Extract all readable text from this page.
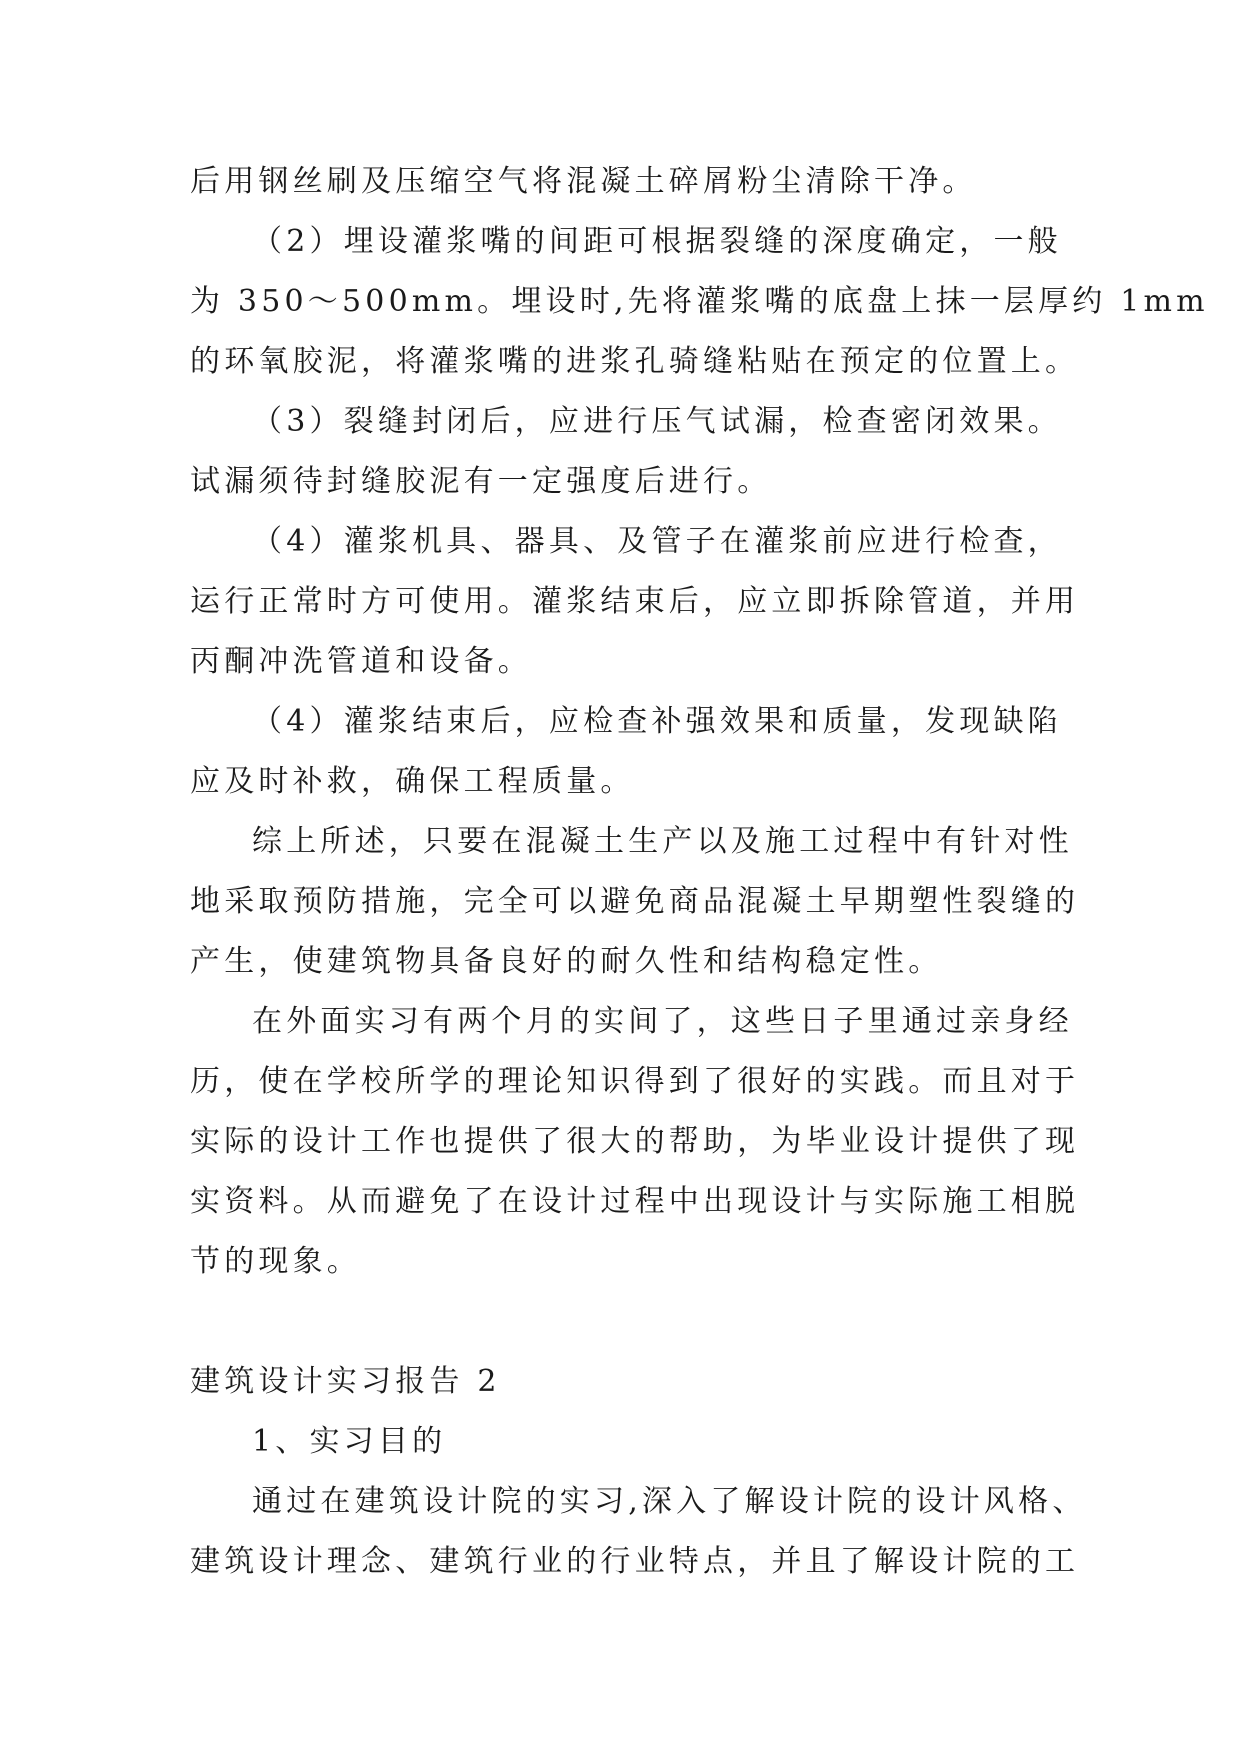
后用钢丝刷及压缩空气将混凝土碎屑粉尘清除干净。

（2）埋设灌浆嘴的间距可根据裂缝的深度确定，一般

为 350～500mm。埋设时,先将灌浆嘴的底盘上抹一层厚约 1mm

的环氧胶泥，将灌浆嘴的进浆孔骑缝粘贴在预定的位置上。

（3）裂缝封闭后，应进行压气试漏，检查密闭效果。

试漏须待封缝胶泥有一定强度后进行。

（4）灌浆机具、器具、及管子在灌浆前应进行检查，

运行正常时方可使用。灌浆结束后，应立即拆除管道，并用

丙酮冲洗管道和设备。

（4）灌浆结束后，应检查补强效果和质量，发现缺陷

应及时补救，确保工程质量。

综上所述，只要在混凝土生产以及施工过程中有针对性

地采取预防措施，完全可以避免商品混凝土早期塑性裂缝的

产生，使建筑物具备良好的耐久性和结构稳定性。

在外面实习有两个月的实间了，这些日子里通过亲身经

历，使在学校所学的理论知识得到了很好的实践。而且对于

实际的设计工作也提供了很大的帮助，为毕业设计提供了现

实资料。从而避免了在设计过程中出现设计与实际施工相脱

节的现象。

建筑设计实习报告 2

1、实习目的

通过在建筑设计院的实习,深入了解设计院的设计风格、

建筑设计理念、建筑行业的行业特点，并且了解设计院的工
